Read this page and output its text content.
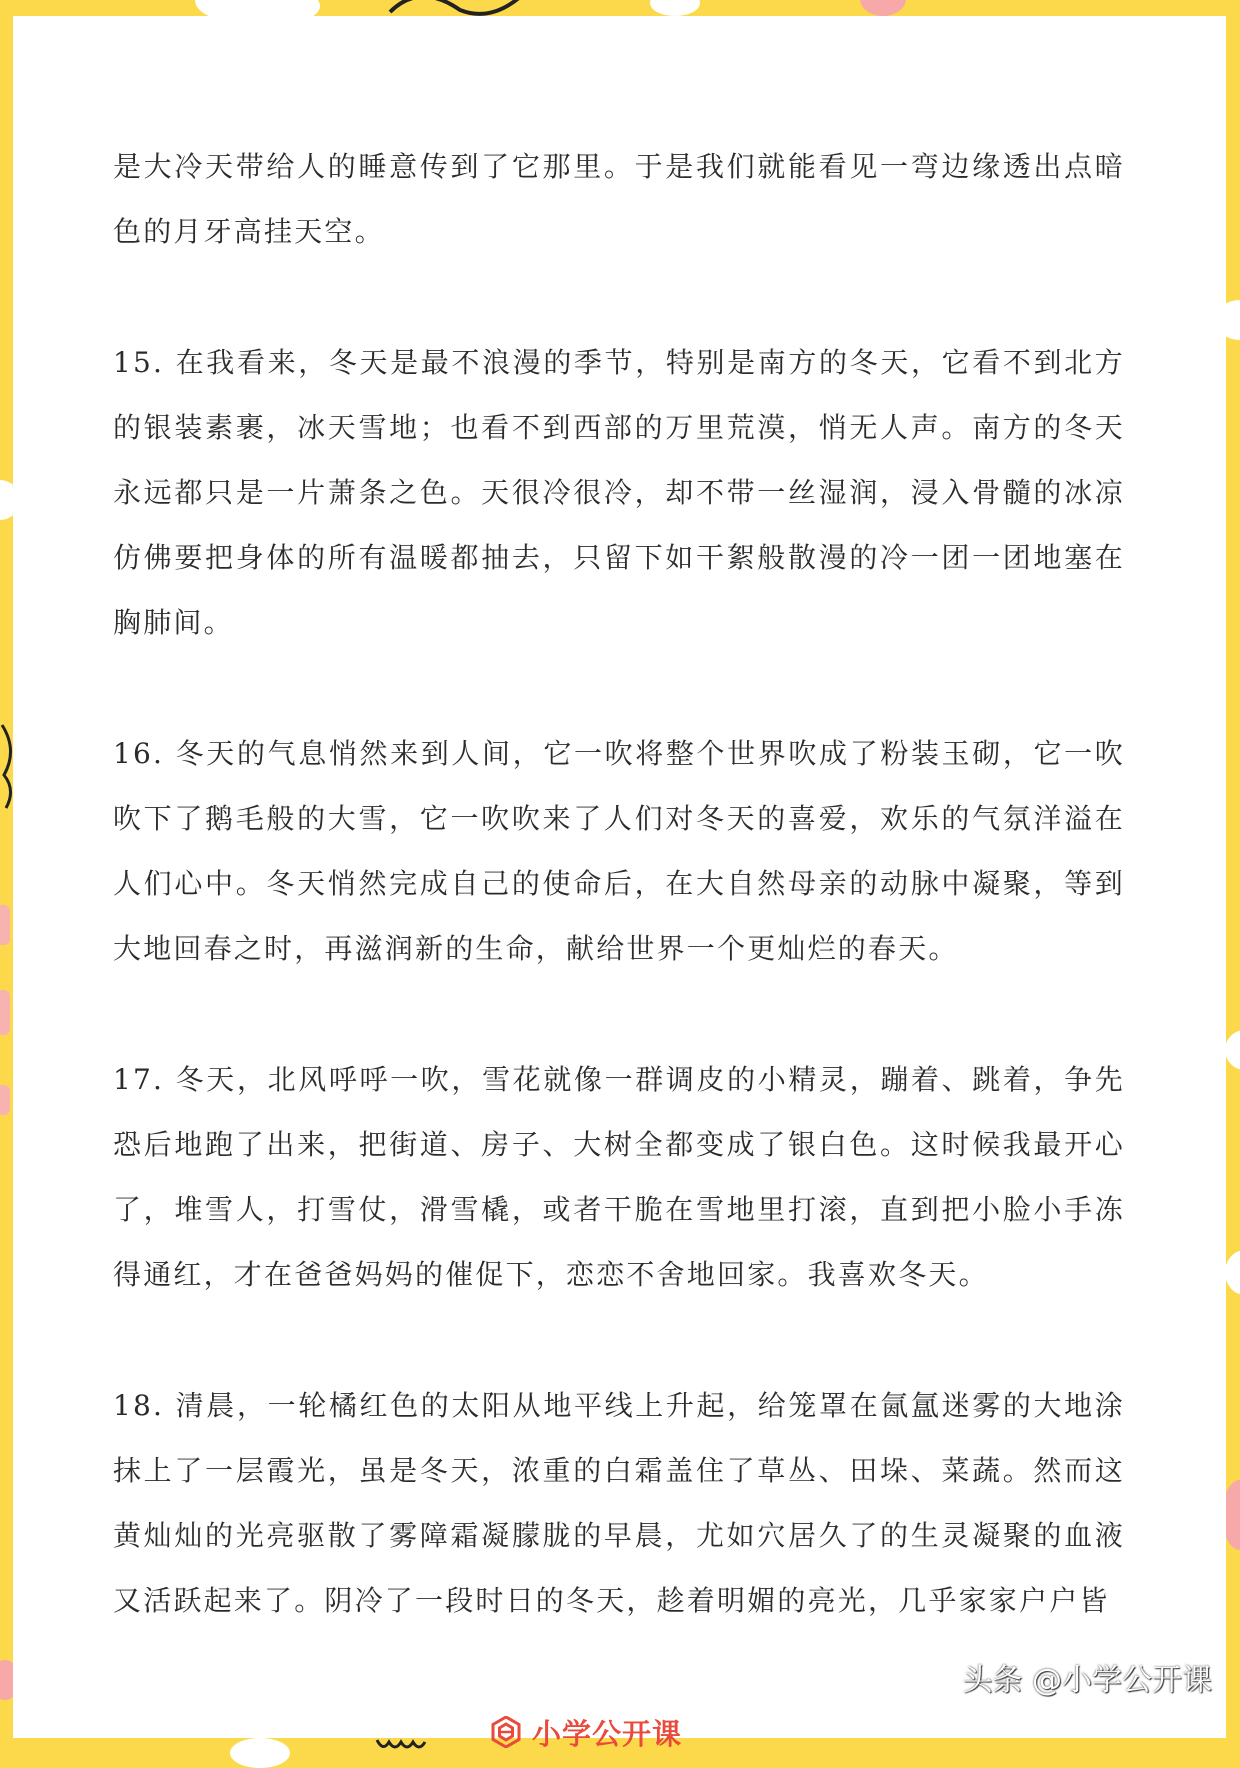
是大冷天带给人的睡意传到了它那里。于是我们就能看见一弯边缘透出点暗色的月牙高挂天空。

15. 在我看来，冬天是最不浪漫的季节，特别是南方的冬天，它看不到北方的银装素裹，冰天雪地；也看不到西部的万里荒漠，悄无人声。南方的冬天永远都只是一片萧条之色。天很冷很冷，却不带一丝湿润，浸入骨髓的冰凉仿佛要把身体的所有温暖都抽去，只留下如干絮般散漫的冷一团一团地塞在胸肺间。

16. 冬天的气息悄然来到人间，它一吹将整个世界吹成了粉装玉砌，它一吹吹下了鹅毛般的大雪，它一吹吹来了人们对冬天的喜爱，欢乐的气氛洋溢在人们心中。冬天悄然完成自己的使命后，在大自然母亲的动脉中凝聚，等到大地回春之时，再滋润新的生命，献给世界一个更灿烂的春天。

17. 冬天，北风呼呼一吹，雪花就像一群调皮的小精灵，蹦着、跳着，争先恐后地跑了出来，把街道、房子、大树全都变成了银白色。这时候我最开心了，堆雪人，打雪仗，滑雪橇，或者干脆在雪地里打滚，直到把小脸小手冻得通红，才在爸爸妈妈的催促下，恋恋不舍地回家。我喜欢冬天。

18. 清晨，一轮橘红色的太阳从地平线上升起，给笼罩在氤氲迷雾的大地涂抹上了一层霞光，虽是冬天，浓重的白霜盖住了草丛、田垛、菜蔬。然而这黄灿灿的光亮驱散了雾障霜凝朦胧的早晨，尤如穴居久了的生灵凝聚的血液又活跃起来了。阴冷了一段时日的冬天，趁着明媚的亮光，几乎家家户户皆

小学公开课
头条 @小学公开课
